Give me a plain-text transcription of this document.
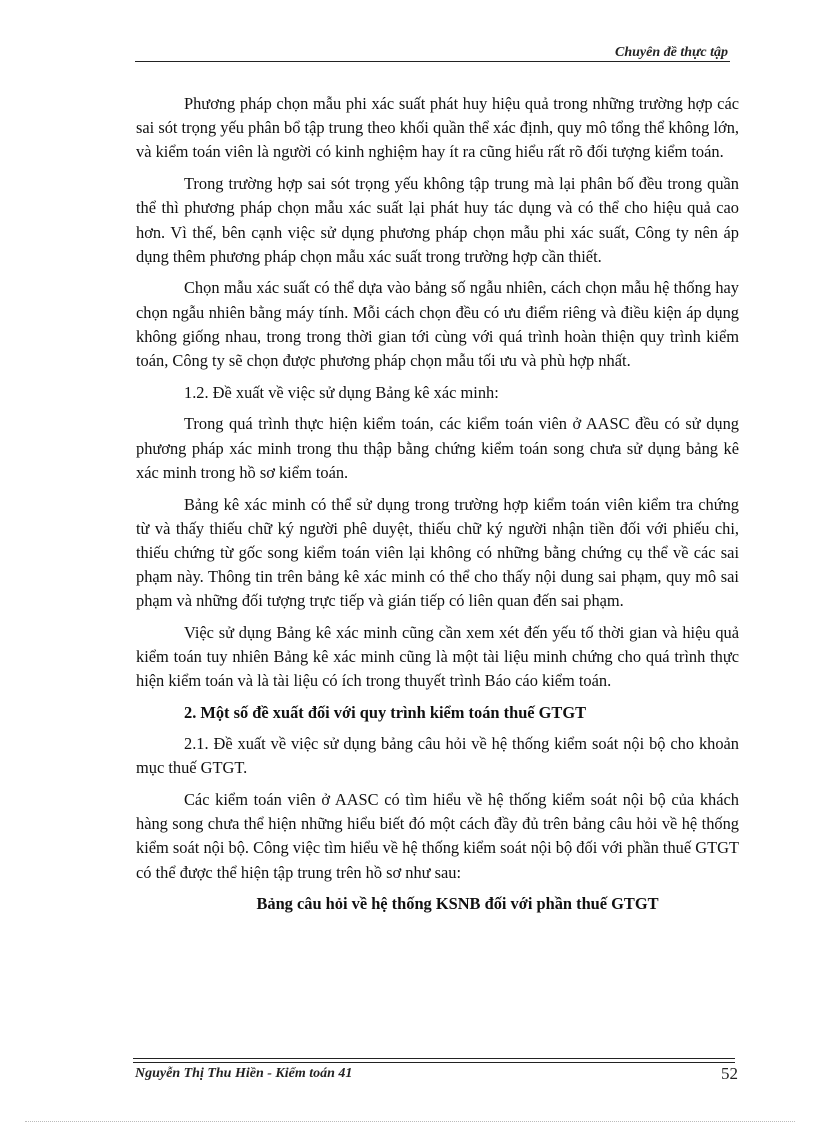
Chuyên đề thực tập

Phương pháp chọn mẫu phi xác suất phát huy hiệu quả trong những trường hợp các sai sót trọng yếu phân bổ tập trung theo khối quần thể xác định, quy mô tổng thể không lớn, và kiểm toán viên là người có kinh nghiệm hay ít ra cũng hiểu rất rõ đối tượng kiểm toán.

Trong trường hợp sai sót trọng yếu không tập trung mà lại phân bố đều trong quần thể thì phương pháp chọn mẫu xác suất lại phát huy tác dụng và có thể cho hiệu quả cao hơn. Vì thế, bên cạnh việc sử dụng phương pháp chọn mẫu phi xác suất, Công ty nên áp dụng thêm phương pháp chọn mẫu xác suất trong trường hợp cần thiết.

Chọn mẫu xác suất có thể dựa vào bảng số ngẫu nhiên, cách chọn mẫu hệ thống hay chọn ngẫu nhiên bằng máy tính. Mỗi cách chọn đều có ưu điểm riêng và điều kiện áp dụng không giống nhau, trong trong thời gian tới cùng với quá trình hoàn thiện quy trình kiểm toán, Công ty sẽ chọn được phương pháp chọn mẫu tối ưu và phù hợp nhất.

1.2. Đề xuất về việc sử dụng Bảng kê xác minh:

Trong quá trình thực hiện kiểm toán, các kiểm toán viên ở AASC đều có sử dụng phương pháp xác minh trong thu thập bằng chứng kiểm toán song chưa sử dụng bảng kê xác minh trong hồ sơ kiểm toán.

Bảng kê xác minh có thể sử dụng trong trường hợp kiểm toán viên kiểm tra chứng từ và thấy thiếu chữ ký người phê duyệt, thiếu chữ ký người nhận tiền đối với phiếu chi, thiếu chứng từ gốc song kiểm toán viên lại không có những bằng chứng cụ thể về các sai phạm này. Thông tin trên bảng kê xác minh có thể cho thấy nội dung sai phạm, quy mô sai phạm và những đối tượng trực tiếp và gián tiếp có liên quan đến sai phạm.

Việc sử dụng Bảng kê xác minh cũng cần xem xét đến yếu tố thời gian và hiệu quả kiểm toán tuy nhiên Bảng kê xác minh cũng là một tài liệu minh chứng cho quá trình thực hiện kiểm toán và là tài liệu có ích trong thuyết trình Báo cáo kiểm toán.

2. Một số đề xuất đối với quy trình kiểm toán thuế GTGT

2.1. Đề xuất về việc sử dụng bảng câu hỏi về hệ thống kiểm soát nội bộ cho khoản mục thuế GTGT.

Các kiểm toán viên ở AASC có tìm hiểu về hệ thống kiểm soát nội bộ của khách hàng song chưa thể hiện những hiểu biết đó một cách đầy đủ trên bảng câu hỏi về hệ thống kiểm soát nội bộ. Công việc tìm hiểu về hệ thống kiểm soát nội bộ đối với phần thuế GTGT có thể được thể hiện tập trung trên hồ sơ như sau:

Bảng câu hỏi về hệ thống KSNB đối với phần thuế GTGT
Nguyễn Thị Thu Hiền - Kiểm toán 41	52
